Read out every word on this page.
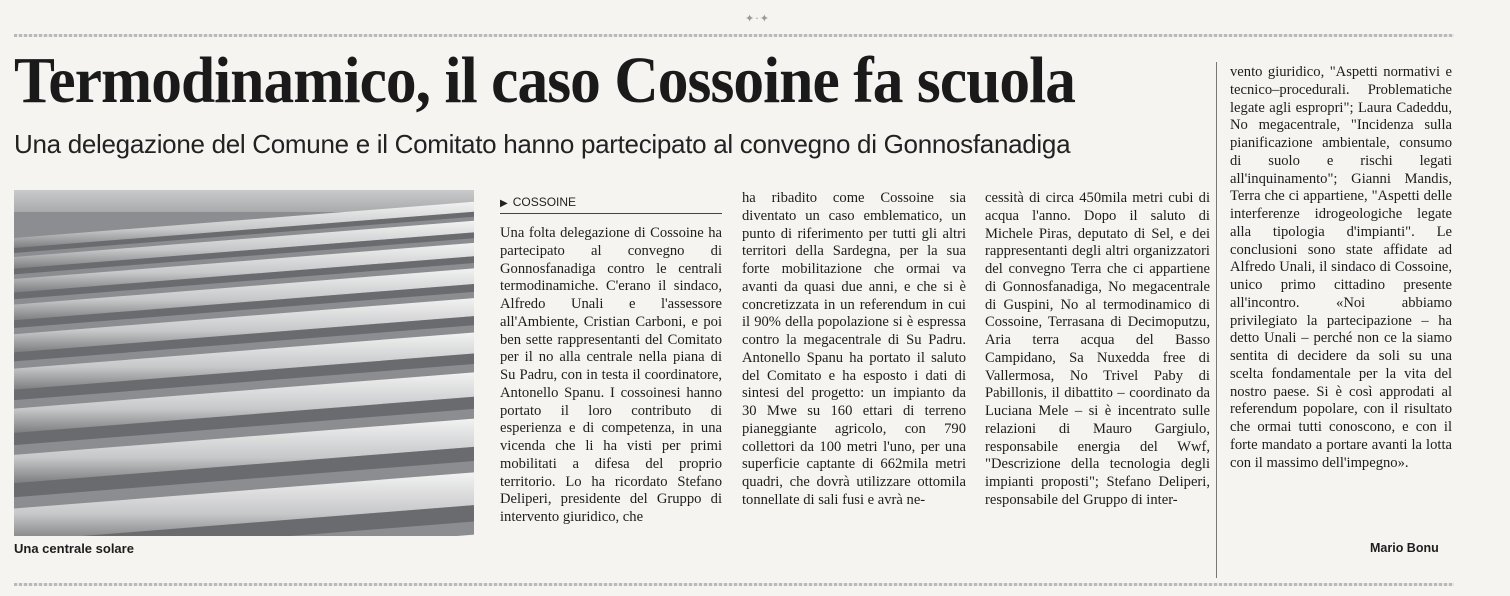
✦·✦
Termodinamico, il caso Cossoine fa scuola
Una delegazione del Comune e il Comitato hanno partecipato al convegno di Gonnosfanadiga
Una centrale solare
▶ COSSOINE

Una folta delegazione di Cossoine ha partecipato al convegno di Gonnosfanadiga contro le centrali termodinamiche. C'erano il sindaco, Alfredo Unali e l'assessore all'Ambiente, Cristian Carboni, e poi ben sette rappresentanti del Comitato per il no alla centrale nella piana di Su Padru, con in testa il coordinatore, Antonello Spanu. I cossoinesi hanno portato il loro contributo di esperienza e di competenza, in una vicenda che li ha visti per primi mobilitati a difesa del proprio territorio. Lo ha ricordato Stefano Deliperi, presidente del Gruppo di intervento giuridico, che

ha ribadito come Cossoine sia diventato un caso emblematico, un punto di riferimento per tutti gli altri territori della Sardegna, per la sua forte mobilitazione che ormai va avanti da quasi due anni, e che si è concretizzata in un referendum in cui il 90% della popolazione si è espressa contro la megacentrale di Su Padru. Antonello Spanu ha portato il saluto del Comitato e ha esposto i dati di sintesi del progetto: un impianto da 30 Mwe su 160 ettari di terreno pianeggiante agricolo, con 790 collettori da 100 metri l'uno, per una superficie captante di 662mila metri quadri, che dovrà utilizzare ottomila tonnellate di sali fusi e avrà ne-

cessità di circa 450mila metri cubi di acqua l'anno. Dopo il saluto di Michele Piras, deputato di Sel, e dei rappresentanti degli altri organizzatori del convegno Terra che ci appartiene di Gonnosfanadiga, No megacentrale di Guspini, No al termodinamico di Cossoine, Terrasana di Decimoputzu, Aria terra acqua del Basso Campidano, Sa Nuxedda free di Vallermosa, No Trivel Paby di Pabillonis, il dibattito – coordinato da Luciana Mele – si è incentrato sulle relazioni di Mauro Gargiulo, responsabile energia del Wwf, "Descrizione della tecnologia degli impianti proposti"; Stefano Deliperi, responsabile del Gruppo di inter-

vento giuridico, "Aspetti normativi e tecnico–procedurali. Problematiche legate agli espropri"; Laura Cadeddu, No megacentrale, "Incidenza sulla pianificazione ambientale, consumo di suolo e rischi legati all'inquinamento"; Gianni Mandis, Terra che ci appartiene, "Aspetti delle interferenze idrogeologiche legate alla tipologia d'impianti". Le conclusioni sono state affidate ad Alfredo Unali, il sindaco di Cossoine, unico primo cittadino presente all'incontro. «Noi abbiamo privilegiato la partecipazione – ha detto Unali – perché non ce la siamo sentita di decidere da soli su una scelta fondamentale per la vita del nostro paese. Si è così approdati al referendum popolare, con il risultato che ormai tutti conoscono, e con il forte mandato a portare avanti la lotta con il massimo dell'impegno».

Mario Bonu
